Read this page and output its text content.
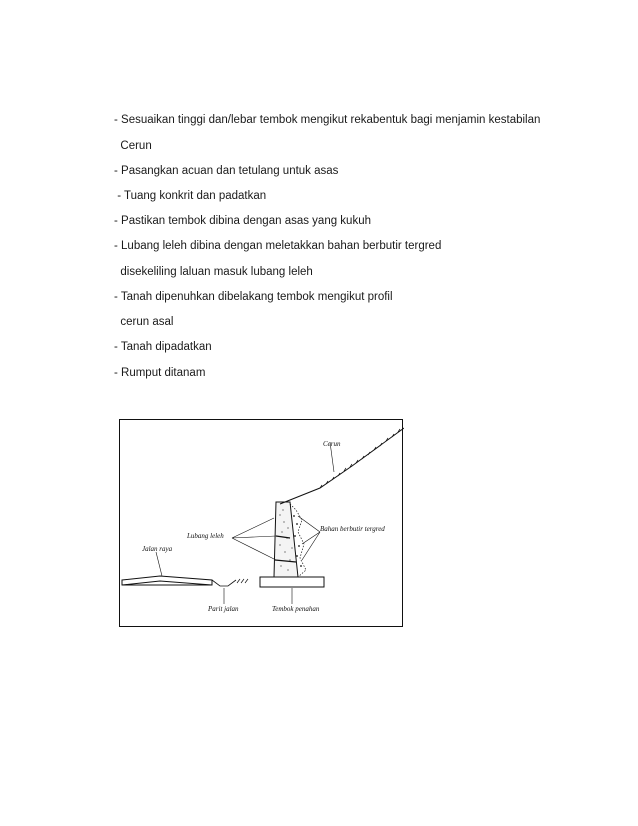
- Sesuaikan tinggi dan/lebar tembok mengikut rekabentuk bagi menjamin kestabilan
Cerun
- Pasangkan acuan dan tetulang untuk asas
- Tuang konkrit dan padatkan
- Pastikan tembok dibina dengan asas yang kukuh
- Lubang leleh dibina dengan meletakkan bahan berbutir tergred
disekeliling laluan masuk lubang leleh
- Tanah dipenuhkan dibelakang tembok mengikut profil
cerun asal
- Tanah dipadatkan
- Rumput ditanam
Cerun
Bahan berbutir tergred
Lubang leleh
Jalan raya
Parit jalan	Tembok penahan
